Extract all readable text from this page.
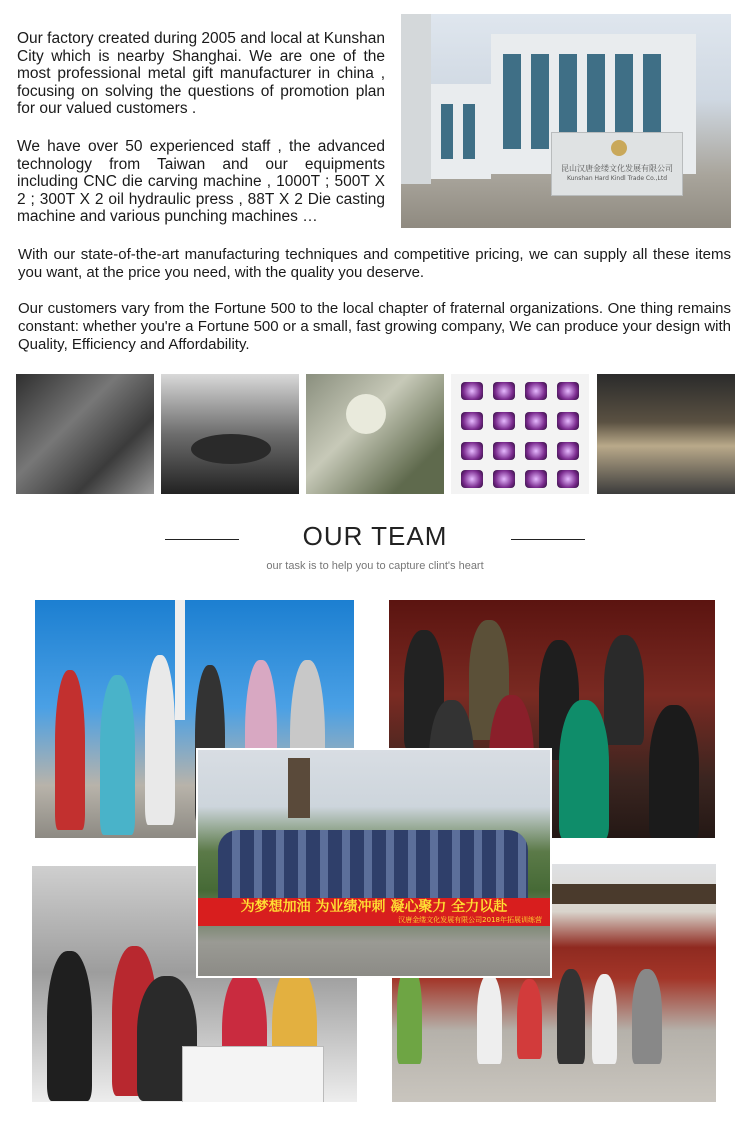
Our factory created during 2005 and local at Kunshan City which is nearby Shanghai. We are one of the most professional metal gift manufacturer in china , focusing on solving the questions of promotion plan for our valued customers .

We have over 50 experienced staff , the advanced technology from Taiwan and our equipments including CNC die carving machine , 1000T ; 500T X 2 ; 300T X 2 oil hydraulic press , 88T X 2 Die casting machine and various punching machines …

昆山汉唐金缕文化发展有限公司
Kunshan Hard Kindl Trade Co.,Ltd

With our state-of-the-art manufacturing techniques and competitive pricing, we can supply all these items you want, at the price you need, with the quality you deserve.

Our customers vary from the Fortune 500 to the local chapter of fraternal organizations. One thing remains constant: whether you're a Fortune 500 or a small, fast growing company, We can produce your design with Quality, Efficiency and Affordability.

OUR TEAM
our task is to help you to capture clint's heart
为梦想加油 为业绩冲刺 凝心聚力 全力以赴
汉唐金缕文化发展有限公司2018年拓展训练营
